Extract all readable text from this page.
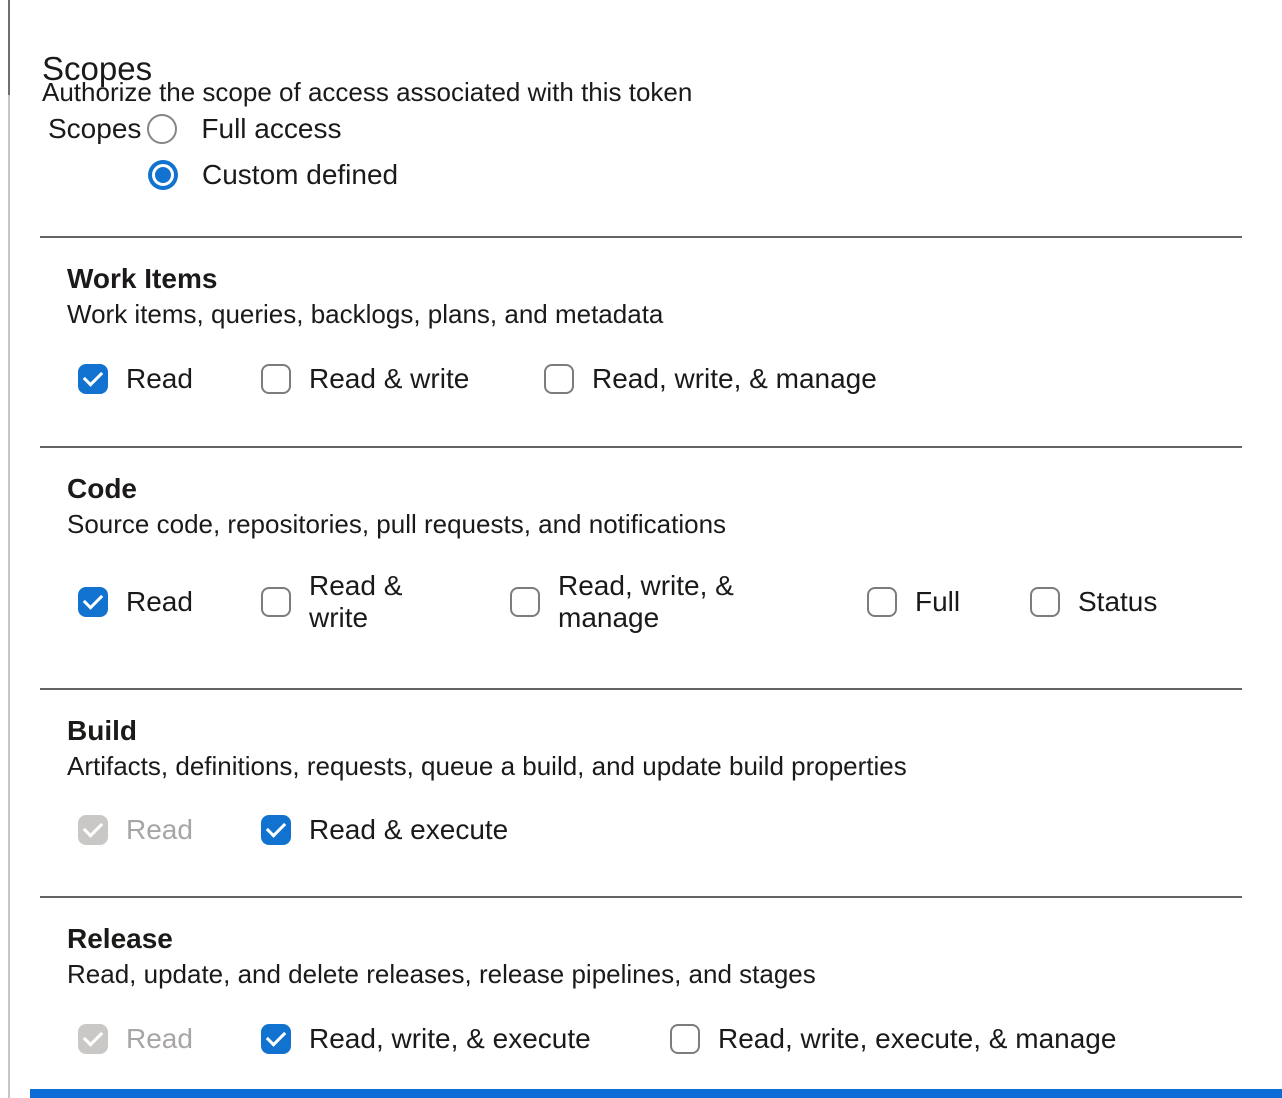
Scopes
Authorize the scope of access associated with this token
Scopes Full access
Custom defined
Work Items
Work items, queries, backlogs, plans, and metadata
Read	Read & write	Read, write, & manage
Code
Source code, repositories, pull requests, and notifications
Read
Read & write
Read, write, & manage
Full	Status
Build
Artifacts, definitions, requests, queue a build, and update build properties
Read	Read & execute
Release
Read, update, and delete releases, release pipelines, and stages
Read	Read, write, & execute	Read, write, execute, & manage
